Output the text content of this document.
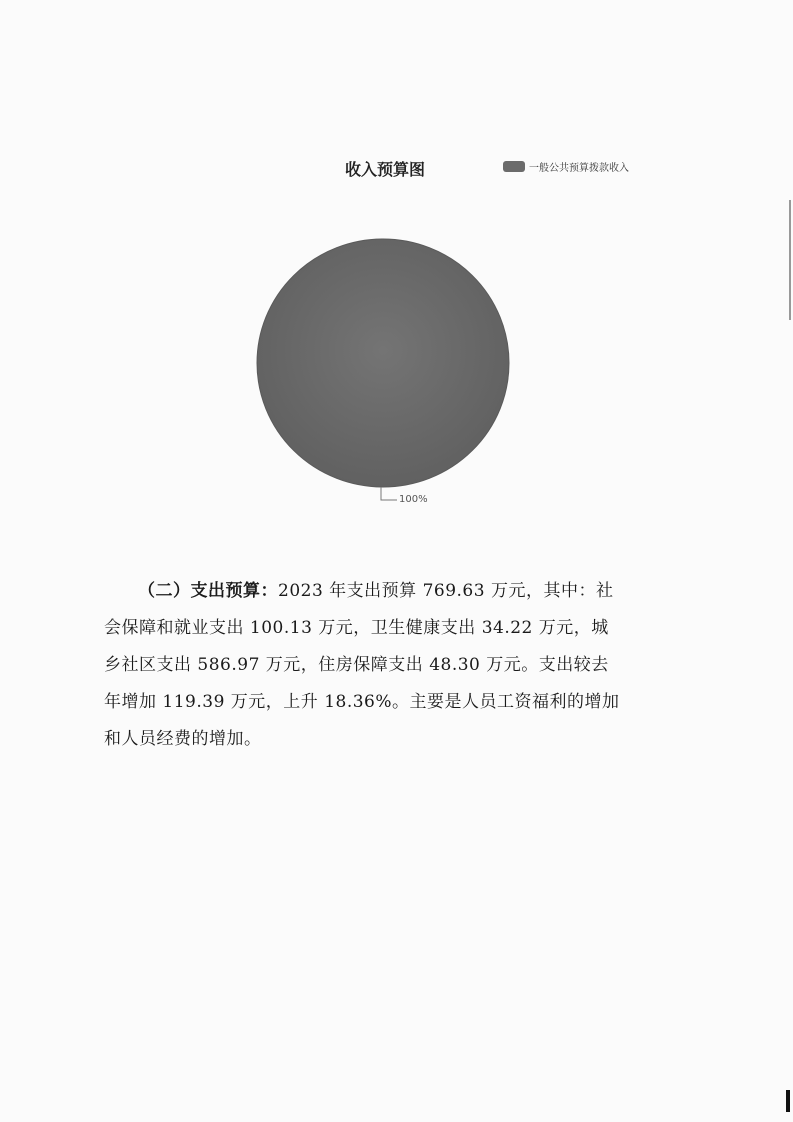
收入预算图	一般公共预算拨款收入
100%
（二）支出预算：2023 年支出预算 769.63 万元，其中：社
会保障和就业支出 100.13 万元，卫生健康支出 34.22 万元，城
乡社区支出 586.97 万元，住房保障支出 48.30 万元。支出较去
年增加 119.39 万元，上升 18.36%。主要是人员工资福利的增加
和人员经费的增加。
